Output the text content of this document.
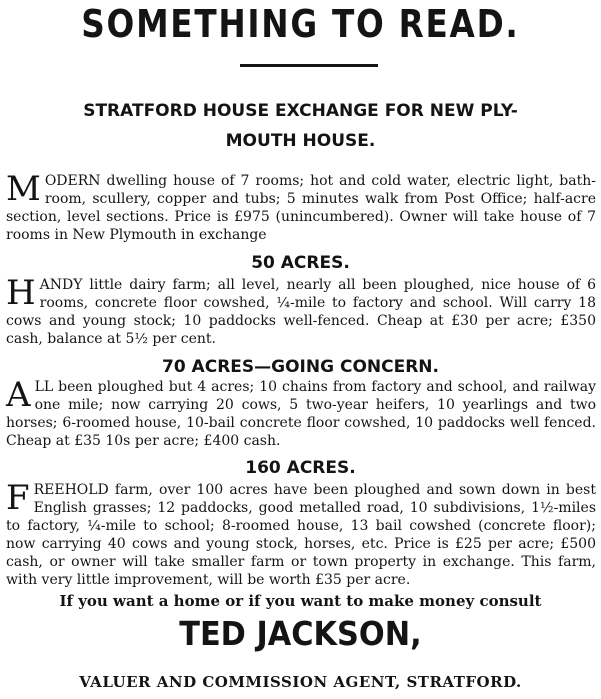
SOMETHING TO READ.
STRATFORD HOUSE EXCHANGE FOR NEW PLY-
MOUTH HOUSE.
MODERN dwelling house of 7 rooms; hot and cold water, electric light, bath-room, scullery, copper and tubs; 5 minutes walk from Post Office; half-acre section, level sections. Price is £975 (unincumbered). Owner will take house of 7 rooms in New Plymouth in exchange
50 ACRES.
HANDY little dairy farm; all level, nearly all been ploughed, nice house of 6 rooms, concrete floor cowshed, ¼-mile to factory and school. Will carry 18 cows and young stock; 10 paddocks well-fenced. Cheap at £30 per acre; £350 cash, balance at 5½ per cent.
70 ACRES—GOING CONCERN.
ALL been ploughed but 4 acres; 10 chains from factory and school, and railway one mile; now carrying 20 cows, 5 two-year heifers, 10 yearlings and two horses; 6-roomed house, 10-bail concrete floor cowshed, 10 paddocks well fenced. Cheap at £35 10s per acre; £400 cash.
160 ACRES.
FREEHOLD farm, over 100 acres have been ploughed and sown down in best English grasses; 12 paddocks, good metalled road, 10 subdivisions, 1½-miles to factory, ¼-mile to school; 8-roomed house, 13 bail cowshed (concrete floor); now carrying 40 cows and young stock, horses, etc. Price is £25 per acre; £500 cash, or owner will take smaller farm or town property in exchange. This farm, with very little improvement, will be worth £35 per acre.
If you want a home or if you want to make money consult
TED JACKSON,
VALUER AND COMMISSION AGENT, STRATFORD.
